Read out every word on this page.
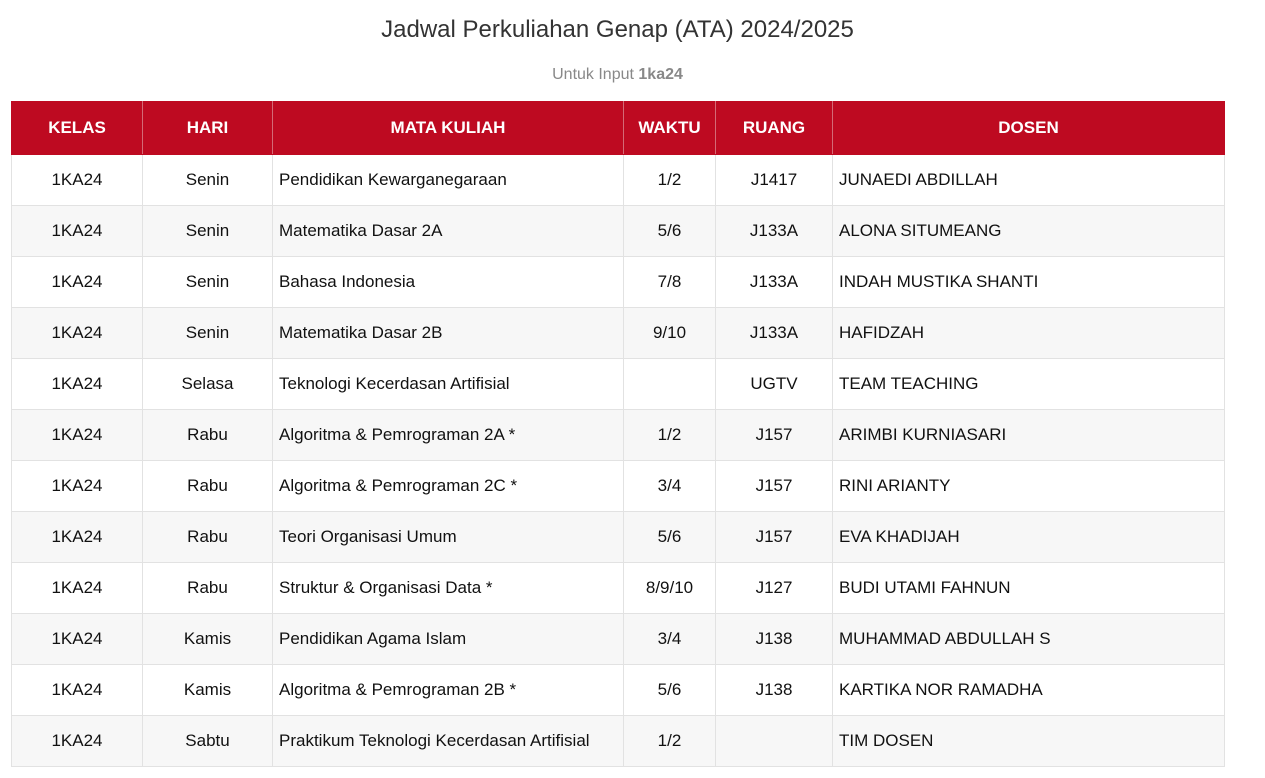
Jadwal Perkuliahan Genap (ATA) 2024/2025
Untuk Input 1ka24
KELAS	HARI	MATA KULIAH	WAKTU	RUANG	DOSEN
1KA24	Senin	Pendidikan Kewarganegaraan	1/2	J1417	JUNAEDI ABDILLAH
1KA24	Senin	Matematika Dasar 2A	5/6	J133A	ALONA SITUMEANG
1KA24	Senin	Bahasa Indonesia	7/8	J133A	INDAH MUSTIKA SHANTI
1KA24	Senin	Matematika Dasar 2B	9/10	J133A	HAFIDZAH
1KA24	Selasa	Teknologi Kecerdasan Artifisial		UGTV	TEAM TEACHING
1KA24	Rabu	Algoritma & Pemrograman 2A *	1/2	J157	ARIMBI KURNIASARI
1KA24	Rabu	Algoritma & Pemrograman 2C *	3/4	J157	RINI ARIANTY
1KA24	Rabu	Teori Organisasi Umum	5/6	J157	EVA KHADIJAH
1KA24	Rabu	Struktur & Organisasi Data *	8/9/10	J127	BUDI UTAMI FAHNUN
1KA24	Kamis	Pendidikan Agama Islam	3/4	J138	MUHAMMAD ABDULLAH S
1KA24	Kamis	Algoritma & Pemrograman 2B *	5/6	J138	KARTIKA NOR RAMADHA
1KA24	Sabtu	Praktikum Teknologi Kecerdasan Artifisial	1/2		TIM DOSEN
